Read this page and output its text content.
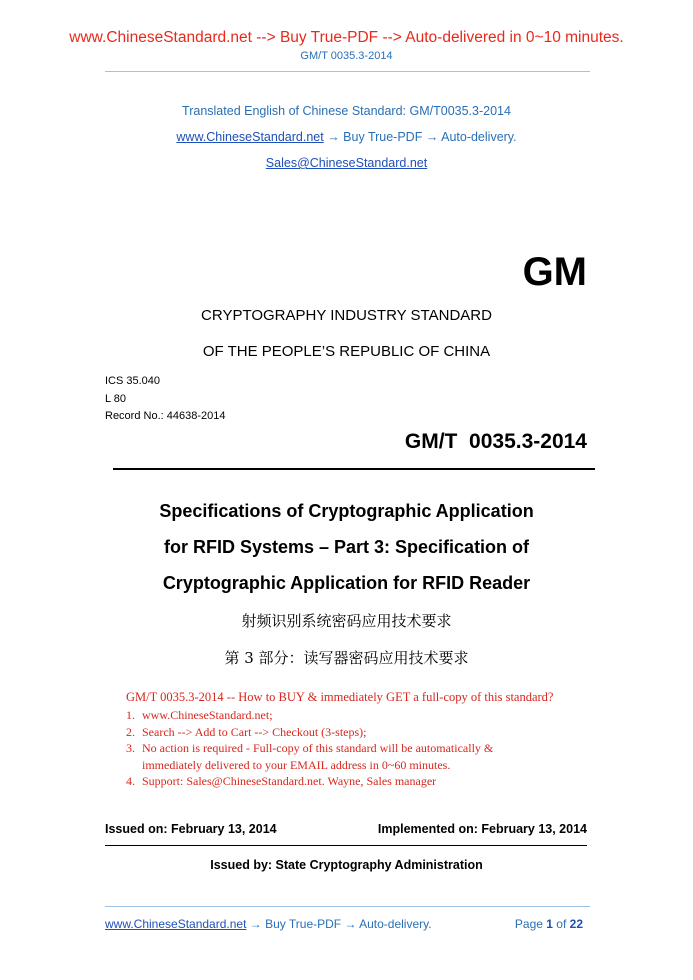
www.ChineseStandard.net --> Buy True-PDF --> Auto-delivered in 0~10 minutes.
GM/T 0035.3-2014
Translated English of Chinese Standard: GM/T0035.3-2014
www.ChineseStandard.net → Buy True-PDF → Auto-delivery.
Sales@ChineseStandard.net
GM
CRYPTOGRAPHY INDUSTRY STANDARD
OF THE PEOPLE’S REPUBLIC OF CHINA
ICS 35.040
L 80
Record No.: 44638-2014
GM/T  0035.3-2014
Specifications of Cryptographic Application
for RFID Systems – Part 3: Specification of
Cryptographic Application for RFID Reader
射频识别系统密码应用技术要求
第 3 部分：读写器密码应用技术要求
GM/T 0035.3-2014 -- How to BUY & immediately GET a full-copy of this standard?
1. www.ChineseStandard.net;
2. Search --> Add to Cart --> Checkout (3-steps);
3. No action is required - Full-copy of this standard will be automatically &
immediately delivered to your EMAIL address in 0~60 minutes.
4. Support: Sales@ChineseStandard.net. Wayne, Sales manager
Issued on: February 13, 2014	Implemented on: February 13, 2014
Issued by: State Cryptography Administration
www.ChineseStandard.net → Buy True-PDF → Auto-delivery.	Page 1 of 22
